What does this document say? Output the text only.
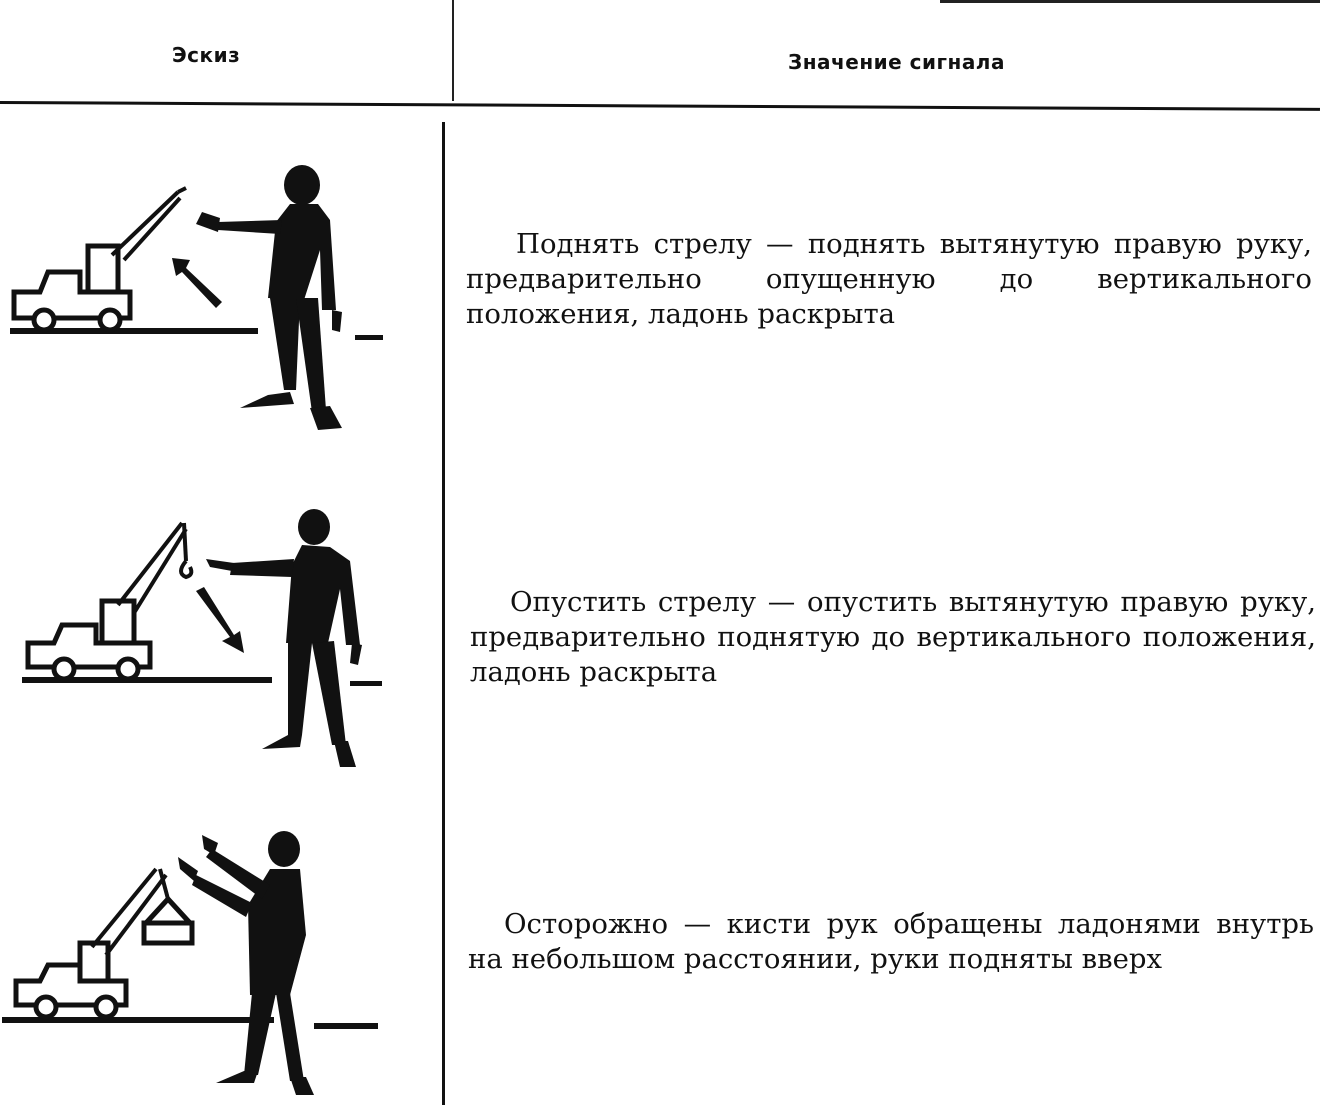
Эскиз	Значение сигнала
Поднять стрелу — поднять вытянутую правую руку, предварительно опущенную до вертикального положения, ладонь раскрыта
Опустить стрелу — опустить вытянутую правую руку, предварительно поднятую до вертикального положения, ладонь раскрыта
Осторожно — кисти рук обращены ладонями внутрь на небольшом расстоянии, руки подняты вверх
